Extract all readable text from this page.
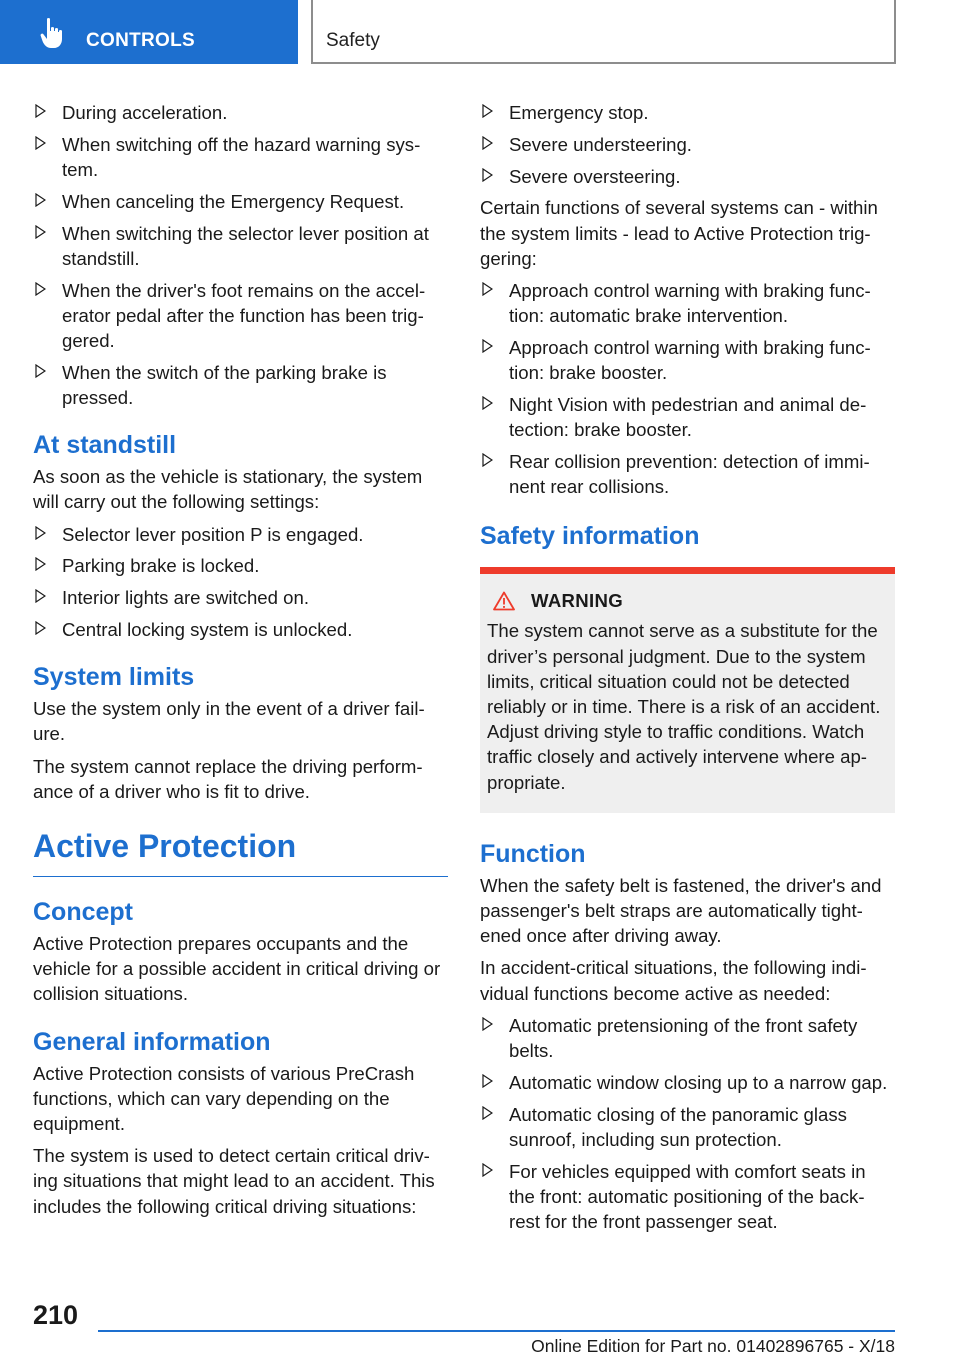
CONTROLS	Safety
During acceleration.
When switching off the hazard warning sys-tem.
When canceling the Emergency Request.
When switching the selector lever position at standstill.
When the driver's foot remains on the accel-erator pedal after the function has been trig-gered.
When the switch of the parking brake is pressed.
At standstill

As soon as the vehicle is stationary, the system will carry out the following settings:

Selector lever position P is engaged.
Parking brake is locked.
Interior lights are switched on.
Central locking system is unlocked.
System limits

Use the system only in the event of a driver fail-ure.

The system cannot replace the driving perform-ance of a driver who is fit to drive.

Active Protection
Concept

Active Protection prepares occupants and the vehicle for a possible accident in critical driving or collision situations.

General information

Active Protection consists of various PreCrash functions, which can vary depending on the equipment.

The system is used to detect certain critical driv-ing situations that might lead to an accident. This includes the following critical driving situations:

Emergency stop.
Severe understeering.
Severe oversteering.

Certain functions of several systems can - within the system limits - lead to Active Protection trig-gering:

Approach control warning with braking func-tion: automatic brake intervention.
Approach control warning with braking func-tion: brake booster.
Night Vision with pedestrian and animal de-tection: brake booster.
Rear collision prevention: detection of immi-nent rear collisions.
Safety information
WARNING

The system cannot serve as a substitute for the driver’s personal judgment. Due to the system limits, critical situation could not be detected reliably or in time. There is a risk of an accident. Adjust driving style to traffic conditions. Watch traffic closely and actively intervene where ap-propriate.

Function

When the safety belt is fastened, the driver's and passenger's belt straps are automatically tight-ened once after driving away.

In accident-critical situations, the following indi-vidual functions become active as needed:

Automatic pretensioning of the front safety belts.
Automatic window closing up to a narrow gap.
Automatic closing of the panoramic glass sunroof, including sun protection.
For vehicles equipped with comfort seats in the front: automatic positioning of the back-rest for the front passenger seat.
210
Online Edition for Part no. 01402896765 - X/18
